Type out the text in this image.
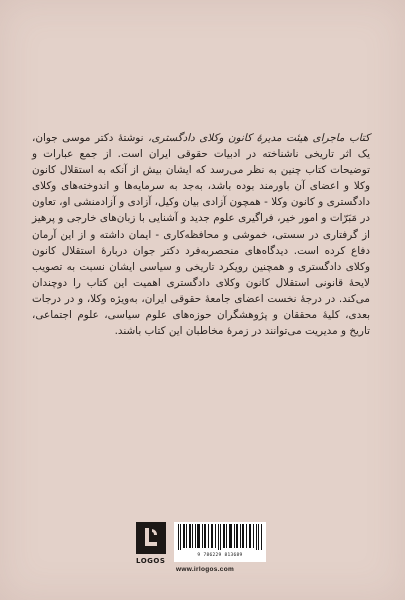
کتاب ماجرای هیئت مدیرهٔ کانون وکلای دادگستری، نوشتهٔ دکتر موسی جوان، یک اثر تاریخی ناشناخته در ادبیات حقوقی ایران است. از جمع عبارات و توضیحات کتاب چنین به نظر می‌رسد که ایشان بیش از آنکه به استقلال کانون وکلا و اعضای آن باورمند بوده باشد، به‌جد به سرمایه‌ها و اندوخته‌های وکلای دادگستری و کانون وکلا - همچون آزادی بیان وکیل، آزادی و آزادمنشی او، تعاون در مَبَرّات و امور خیر، فراگیری علوم جدید و آشنایی با زبان‌های خارجی و پرهیز از گرفتاری در سستی، خموشی و محافظه‌کاری - ایمان داشته و از این آرمان دفاع کرده است. دیدگاه‌های منحصربه‌فرد دکتر جوان دربارهٔ استقلال کانون وکلای دادگستری و همچنین رویکرد تاریخی و سیاسی ایشان نسبت به تصویب لایحهٔ قانونی استقلال کانون وکلای دادگستری اهمیت این کتاب را دوچندان می‌کند. در درجهٔ نخست اعضای جامعهٔ حقوقی ایران، به‌ویژه وکلا، و در درجات بعدی، کلیهٔ محققان و پژوهشگران حوزه‌های علوم سیاسی، علوم اجتماعی، تاریخ و مدیریت می‌توانند در زمرهٔ مخاطبان این کتاب باشند.
LOGOS
9 786229 813689
www.irlogos.com
